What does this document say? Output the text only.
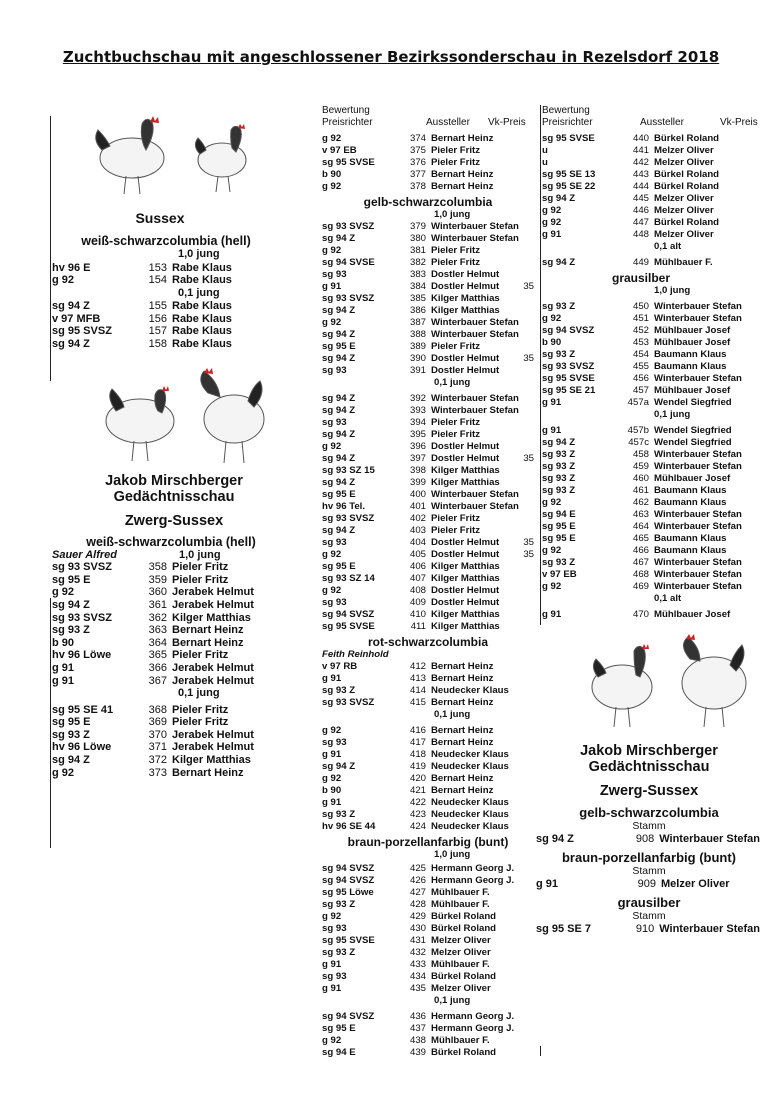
Zuchtbuchschau mit angeschlossener Bezirkssonderschau in Rezelsdorf 2018
Sussex
weiß-schwarzcolumbia (hell)
1,0 jung
hv 96 E	153 Rabe Klaus
g 92	154 Rabe Klaus
0,1 jung
sg 94 Z	155 Rabe Klaus
v 97 MFB	156 Rabe Klaus
sg 95 SVSZ	157 Rabe Klaus
sg 94 Z	158 Rabe Klaus
Jakob Mirschberger
Gedächtnisschau
Zwerg-Sussex
weiß-schwarzcolumbia (hell)
Sauer Alfred	1,0 jung
sg 93 SVSZ	358 Pieler Fritz
sg 95 E	359 Pieler Fritz
g 92	360 Jerabek Helmut
sg 94 Z	361 Jerabek Helmut
sg 93 SVSZ	362 Kilger Matthias
sg 93 Z	363 Bernart Heinz
b 90	364 Bernart Heinz
hv 96 Löwe	365 Pieler Fritz
g 91	366 Jerabek Helmut
g 91	367 Jerabek Helmut
0,1 jung
sg 95 SE 41	368 Pieler Fritz
sg 95 E	369 Pieler Fritz
sg 93 Z	370 Jerabek Helmut
hv 96 Löwe	371 Jerabek Helmut
sg 94 Z	372 Kilger Matthias
g 92	373 Bernart Heinz
Bewertung
Preisrichter	Aussteller	Vk-Preis
g 92	374 Bernart Heinz
v 97 EB	375 Pieler Fritz
sg 95 SVSE	376 Pieler Fritz
b 90	377 Bernart Heinz
g 92	378 Bernart Heinz
gelb-schwarzcolumbia
1,0 jung
sg 93 SVSZ	379 Winterbauer Stefan
sg 94 Z	380 Winterbauer Stefan
g 92	381 Pieler Fritz
sg 94 SVSE	382 Pieler Fritz
sg 93	383 Dostler Helmut
g 91	384 Dostler Helmut	35
sg 93 SVSZ	385 Kilger Matthias
sg 94 Z	386 Kilger Matthias
g 92	387 Winterbauer Stefan
sg 94 Z	388 Winterbauer Stefan
sg 95 E	389 Pieler Fritz
sg 94 Z	390 Dostler Helmut	35
sg 93	391 Dostler Helmut
0,1 jung
sg 94 Z	392 Winterbauer Stefan
sg 94 Z	393 Winterbauer Stefan
sg 93	394 Pieler Fritz
sg 94 Z	395 Pieler Fritz
g 92	396 Dostler Helmut
sg 94 Z	397 Dostler Helmut	35
sg 93 SZ 15	398 Kilger Matthias
sg 94 Z	399 Kilger Matthias
sg 95 E	400 Winterbauer Stefan
hv 96 Tel.	401 Winterbauer Stefan
sg 93 SVSZ	402 Pieler Fritz
sg 94 Z	403 Pieler Fritz
sg 93	404 Dostler Helmut	35
g 92	405 Dostler Helmut	35
sg 95 E	406 Kilger Matthias
sg 93 SZ 14	407 Kilger Matthias
g 92	408 Dostler Helmut
sg 93	409 Dostler Helmut
sg 94 SVSZ	410 Kilger Matthias
sg 95 SVSE	411 Kilger Matthias
rot-schwarzcolumbia
Feith Reinhold
v 97 RB	412 Bernart Heinz
g 91	413 Bernart Heinz
sg 93 Z	414 Neudecker Klaus
sg 93 SVSZ	415 Bernart Heinz
0,1 jung
g 92	416 Bernart Heinz
sg 93	417 Bernart Heinz
g 91	418 Neudecker Klaus
sg 94 Z	419 Neudecker Klaus
g 92	420 Bernart Heinz
b 90	421 Bernart Heinz
g 91	422 Neudecker Klaus
sg 93 Z	423 Neudecker Klaus
hv 96 SE 44	424 Neudecker Klaus
braun-porzellanfarbig (bunt)
1,0 jung
sg 94 SVSZ	425 Hermann Georg J.
sg 94 SVSZ	426 Hermann Georg J.
sg 95 Löwe	427 Mühlbauer F.
sg 93 Z	428 Mühlbauer F.
g 92	429 Bürkel Roland
sg 93	430 Bürkel Roland
sg 95 SVSE	431 Melzer Oliver
sg 93 Z	432 Melzer Oliver
g 91	433 Mühlbauer F.
sg 93	434 Bürkel Roland
g 91	435 Melzer Oliver
0,1 jung
sg 94 SVSZ	436 Hermann Georg J.
sg 95 E	437 Hermann Georg J.
g 92	438 Mühlbauer F.
sg 94 E	439 Bürkel Roland
Bewertung
Preisrichter	Aussteller	Vk-Preis
sg 95 SVSE	440 Bürkel Roland
u	441 Melzer Oliver
u	442 Melzer Oliver
sg 95 SE 13	443 Bürkel Roland
sg 95 SE 22	444 Bürkel Roland
sg 94 Z	445 Melzer Oliver
g 92	446 Melzer Oliver
g 92	447 Bürkel Roland
g 91	448 Melzer Oliver
0,1 alt
sg 94 Z	449 Mühlbauer F.
grausilber
1,0 jung
sg 93 Z	450 Winterbauer Stefan
g 92	451 Winterbauer Stefan
sg 94 SVSZ	452 Mühlbauer Josef
b 90	453 Mühlbauer Josef
sg 93 Z	454 Baumann Klaus
sg 93 SVSZ	455 Baumann Klaus
sg 95 SVSE	456 Winterbauer Stefan
sg 95 SE 21	457 Mühlbauer Josef
g 91	457a Wendel Siegfried
0,1 jung
g 91	457b Wendel Siegfried
sg 94 Z	457c Wendel Siegfried
sg 93 Z	458 Winterbauer Stefan
sg 93 Z	459 Winterbauer Stefan
sg 93 Z	460 Mühlbauer Josef
sg 93 Z	461 Baumann Klaus
g 92	462 Baumann Klaus
sg 94 E	463 Winterbauer Stefan
sg 95 E	464 Winterbauer Stefan
sg 95 E	465 Baumann Klaus
g 92	466 Baumann Klaus
sg 93 Z	467 Winterbauer Stefan
v 97 EB	468 Winterbauer Stefan
g 92	469 Winterbauer Stefan
0,1 alt
g 91	470 Mühlbauer Josef
Jakob Mirschberger
Gedächtnisschau
Zwerg-Sussex
gelb-schwarzcolumbia
Stamm
sg 94 Z	908 Winterbauer Stefan
braun-porzellanfarbig (bunt)
Stamm
g 91	909 Melzer Oliver
grausilber
Stamm
sg 95 SE 7	910 Winterbauer Stefan
